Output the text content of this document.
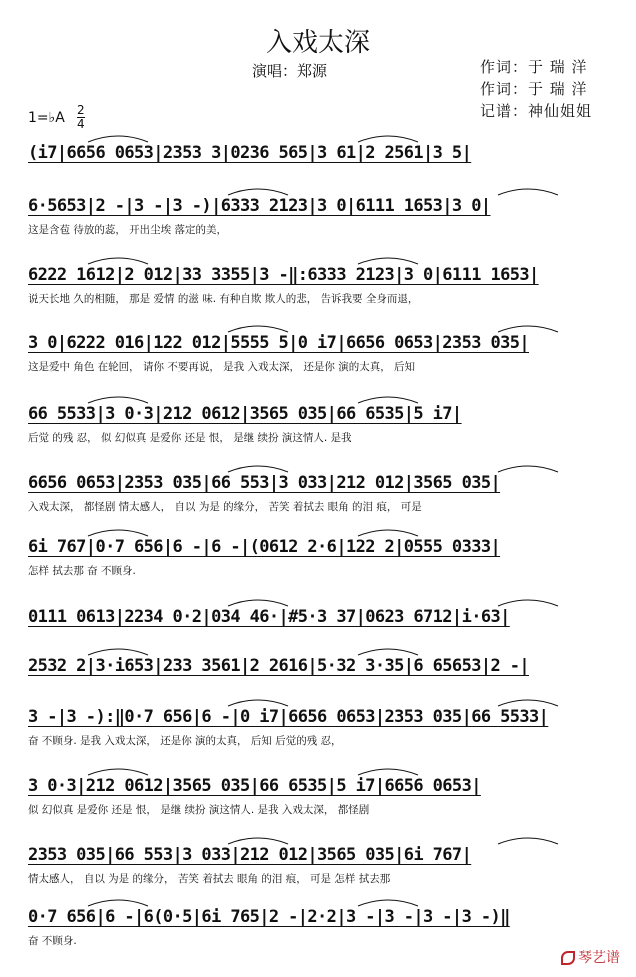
入戏太深
演唱：郑源	作词：于 瑞 洋
作词：于 瑞 洋
记谱：神仙姐姐
1=♭A 2
4
(i7|6656 0653|2353 3|0236 565|3 61|2 2561|3 5|
6·5653|2 -|3 -|3 -)|6333 2123|3 0|6111 1653|3 0|
这是含苞 待放的蕊， 开出尘埃 落定的美，
6222 1612|2 012|33 3355|3 -‖:6333 2123|3 0|6111 1653|
说天长地 久的相随， 那是 爱情 的滋 味. 有种自欺 欺人的悲， 告诉我要 全身而退，
3 0|6222 016|122 012|5555 5|0 i7|6656 0653|2353 035|
这是爱中 角色 在轮回， 请你 不要再说， 是我 入戏太深， 还是你 演的太真， 后知
66 5533|3 0·3|212 0612|3565 035|66 6535|5 i7|
后觉 的残 忍， 似 幻似真 是爱你 还是 恨， 是继 续扮 演这情人. 是我
6656 0653|2353 035|66 553|3 033|212 012|3565 035|
入戏太深， 都怪剧 情太感人， 自以 为是 的缘分， 苦笑 着拭去 眼角 的泪 痕， 可是
6i 767|0·7 656|6 -|6 -|(0612 2·6|122 2|0555 0333|
怎样 拭去那 奋 不顾身.
0111 0613|2234 0·2|034 46·|#5·3 37|0623 6712|i·63|
2532 2|3·i653|233 3561|2 2616|5·32 3·35|6 65653|2 -|
3 -|3 -):‖0·7 656|6 -|0 i7|6656 0653|2353 035|66 5533|
奋 不顾身. 是我 入戏太深， 还是你 演的太真， 后知 后觉的残 忍，
3 0·3|212 0612|3565 035|66 6535|5 i7|6656 0653|
似 幻似真 是爱你 还是 恨， 是继 续扮 演这情人. 是我 入戏太深， 都怪剧
2353 035|66 553|3 033|212 012|3565 035|6i 767|
情太感人， 自以 为是 的缘分， 苦笑 着拭去 眼角 的泪 痕， 可是 怎样 拭去那
0·7 656|6 -|6(0·5|6i 765|2 -|2·2|3 -|3 -|3 -|3 -)‖
奋 不顾身.
琴艺谱
